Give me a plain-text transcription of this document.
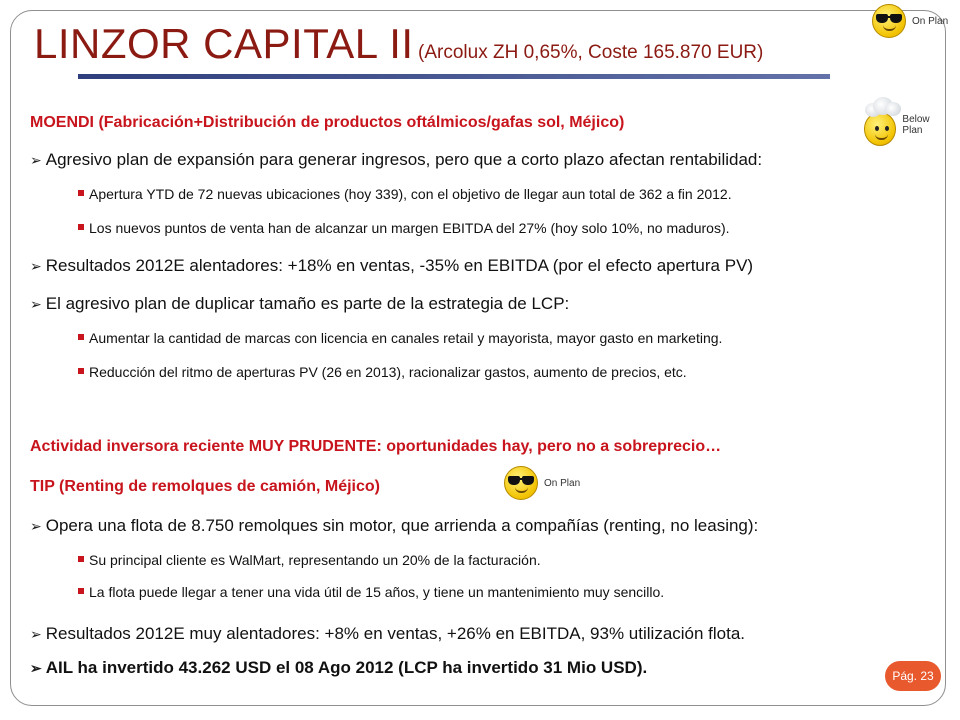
LINZOR CAPITAL II (Arcolux ZH 0,65%, Coste 165.870 EUR)
On Plan
MOENDI (Fabricación+Distribución de productos oftálmicos/gafas sol, Méjico)	Below Plan
➢ Agresivo plan de expansión para generar ingresos, pero que a corto plazo afectan rentabilidad:
Apertura YTD de 72 nuevas ubicaciones (hoy 339), con el objetivo de llegar aun total de 362 a fin 2012.
Los nuevos puntos de venta han de alcanzar un margen EBITDA del 27% (hoy solo 10%, no maduros).
➢ Resultados 2012E alentadores: +18% en ventas, -35% en EBITDA (por el efecto apertura PV)
➢ El agresivo plan de duplicar tamaño es parte de la estrategia de LCP:
Aumentar la cantidad de marcas con licencia en canales retail y mayorista, mayor gasto en marketing.
Reducción del ritmo de aperturas PV (26 en 2013), racionalizar gastos, aumento de precios, etc.
Actividad inversora reciente MUY PRUDENTE: oportunidades hay, pero no a sobreprecio…
TIP (Renting de remolques de camión, Méjico)	On Plan
➢ Opera una flota de 8.750 remolques sin motor, que arrienda a compañías (renting, no leasing):
Su principal cliente es WalMart, representando un 20% de la facturación.
La flota puede llegar a tener una vida útil de 15 años, y tiene un mantenimiento muy sencillo.
➢ Resultados 2012E muy alentadores: +8% en ventas, +26% en EBITDA, 93% utilización flota.
➢ AIL ha invertido 43.262 USD el 08 Ago 2012 (LCP ha invertido 31 Mio USD).	Pág. 23
